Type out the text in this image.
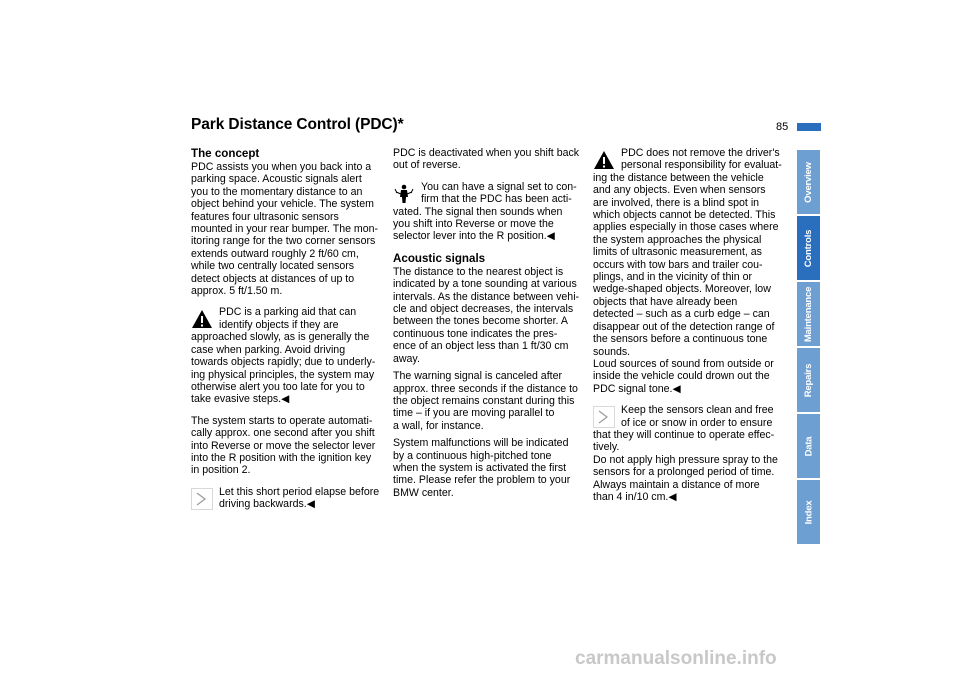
Park Distance Control (PDC)*	85

The concept

PDC assists you when you back into a
parking space. Acoustic signals alert
you to the momentary distance to an
object behind your vehicle. The system
features four ultrasonic sensors
mounted in your rear bumper. The mon-
itoring range for the two corner sensors
extends outward roughly 2 ft/60 cm,
while two centrally located sensors
detect objects at distances of up to
approx. 5 ft/1.50 m.
PDC is a parking aid that can
identify objects if they are
approached slowly, as is generally the
case when parking. Avoid driving
towards objects rapidly; due to underly-
ing physical principles, the system may
otherwise alert you too late for you to
take evasive steps.◀
The system starts to operate automati-
cally approx. one second after you shift
into Reverse or move the selector lever
into the R position with the ignition key
in position 2.
Let this short period elapse before
driving backwards.◀
PDC is deactivated when you shift back
out of reverse.
You can have a signal set to con-
firm that the PDC has been acti-
vated. The signal then sounds when
you shift into Reverse or move the
selector lever into the R position.◀

Acoustic signals

The distance to the nearest object is
indicated by a tone sounding at various
intervals. As the distance between vehi-
cle and object decreases, the intervals
between the tones become shorter. A
continuous tone indicates the pres-
ence of an object less than 1 ft/30 cm
away.
The warning signal is canceled after
approx. three seconds if the distance to
the object remains constant during this
time – if you are moving parallel to
a wall, for instance.
System malfunctions will be indicated
by a continuous high-pitched tone
when the system is activated the first
time. Please refer the problem to your
BMW center.
PDC does not remove the driver's
personal responsibility for evaluat-
ing the distance between the vehicle
and any objects. Even when sensors
are involved, there is a blind spot in
which objects cannot be detected. This
applies especially in those cases where
the system approaches the physical
limits of ultrasonic measurement, as
occurs with tow bars and trailer cou-
plings, and in the vicinity of thin or
wedge-shaped objects. Moreover, low
objects that have already been
detected – such as a curb edge – can
disappear out of the detection range of
the sensors before a continuous tone
sounds.
Loud sources of sound from outside or
inside the vehicle could drown out the
PDC signal tone.◀
Keep the sensors clean and free
of ice or snow in order to ensure
that they will continue to operate effec-
tively.
Do not apply high pressure spray to the
sensors for a prolonged period of time.
Always maintain a distance of more
than 4 in/10 cm.◀
Overview
Controls
Maintenance
Repairs
Data
Index
carmanualsonline.info
